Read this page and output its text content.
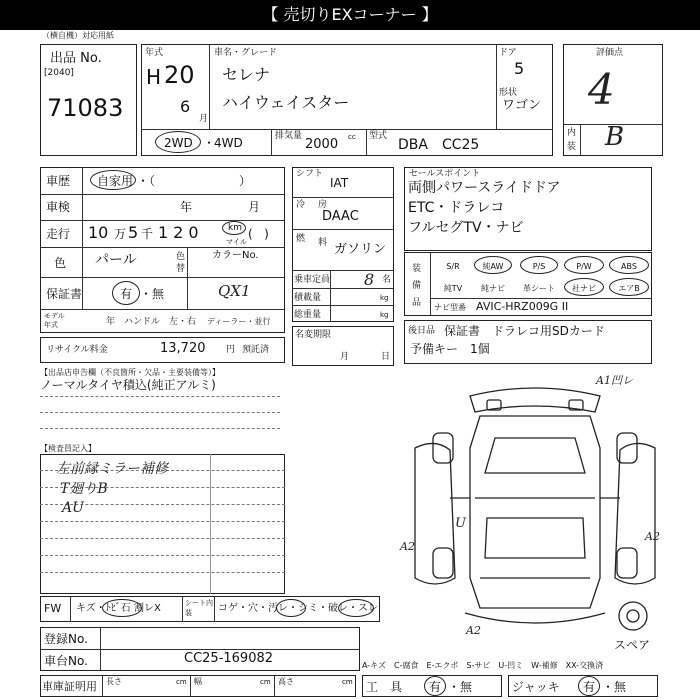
【 売切りEXコーナー 】
（横自機）対応用紙
出品 No.
[2040]
71083
年式
H 20
6
月
車名・グレード
セレナ
ハイウェイスター
ドア
5
形状
ワゴン
2WD ・
4WD	排気量
2000 cc 型式
DBA　CC25
評価点
4
内
装 B
車歴 自家用 ・（　　　　　　　）
車検	年	月
走行 10 万 5 千 120	km
マイル
(   )
色 パール	色
替
カラーNo.
QX1
保証書	有 ・無
モデル
年式	年 ハンドル　左・右 ディーラー・並行
シフト
IAT
冷 房
DAAC
燃 料 ガソリン
乗車定員 8 名
積載量	kg
総重量	kg
名変期限
月	日
セールスポイント
両側パワースライドドア
ETC・ドラレコ
フルセグTV・ナビ
装
備
品
S/R	純AW	P/S	P/W	ABS
純TV	純ナビ	革シート	社ナビ	エアB
ナビ型番 AVIC-HRZ009G II
後日品 保証書　ドラレコ用SDカード
予備キー　1個
リサイクル料金	13,720 円 預託済
【出品店申告欄（不良箇所・欠品・主要装備等）】
ノーマルタイヤ積込(純正アルミ)
【検査員記入】
左前縁ミラー補修
T廻りB
AU
A1凹レ
A2
U
A2
A2
スペア
FW キズ・ﾄﾋﾞ石 割レX	シート内装	コゲ・穴・汚レ・シミ・破レ・スレ
登録No.
車台No.	CC25-169082	A-キズ　C-腐食　E-エクボ　S-サビ　U-凹ミ　W-補修　XX-交換済
車庫証明用 長さ	cm 幅	cm 高さ	cm 工　具 有 ・無	ジャッキ 有 ・無
